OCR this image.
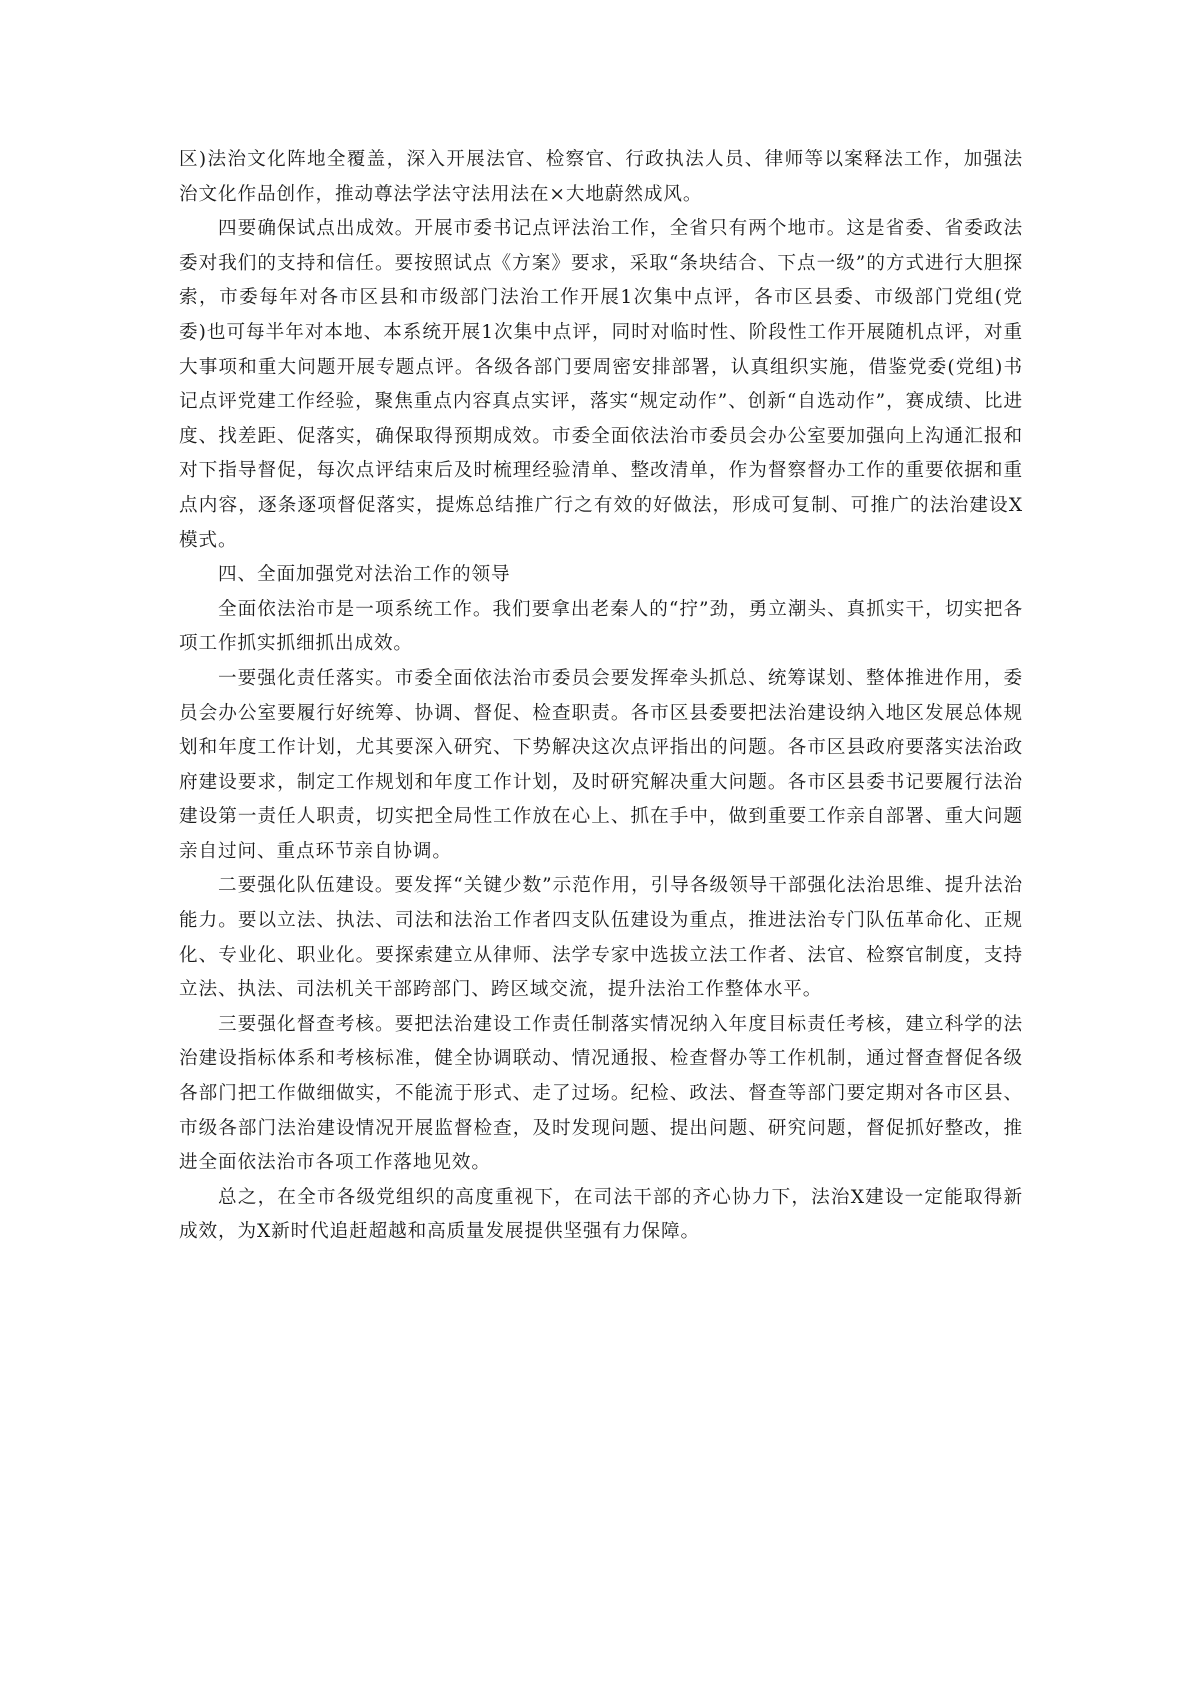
区)法治文化阵地全覆盖，深入开展法官、检察官、行政执法人员、律师等以案释法工作，加强法治文化作品创作，推动尊法学法守法用法在×大地蔚然成风。

四要确保试点出成效。开展市委书记点评法治工作，全省只有两个地市。这是省委、省委政法委对我们的支持和信任。要按照试点《方案》要求，采取“条块结合、下点一级”的方式进行大胆探索，市委每年对各市区县和市级部门法治工作开展1次集中点评，各市区县委、市级部门党组(党委)也可每半年对本地、本系统开展1次集中点评，同时对临时性、阶段性工作开展随机点评，对重大事项和重大问题开展专题点评。各级各部门要周密安排部署，认真组织实施，借鉴党委(党组)书记点评党建工作经验，聚焦重点内容真点实评，落实“规定动作”、创新“自选动作”，赛成绩、比进度、找差距、促落实，确保取得预期成效。市委全面依法治市委员会办公室要加强向上沟通汇报和对下指导督促，每次点评结束后及时梳理经验清单、整改清单，作为督察督办工作的重要依据和重点内容，逐条逐项督促落实，提炼总结推广行之有效的好做法，形成可复制、可推广的法治建设X模式。

四、全面加强党对法治工作的领导

全面依法治市是一项系统工作。我们要拿出老秦人的“拧”劲，勇立潮头、真抓实干，切实把各项工作抓实抓细抓出成效。

一要强化责任落实。市委全面依法治市委员会要发挥牵头抓总、统筹谋划、整体推进作用，委员会办公室要履行好统筹、协调、督促、检查职责。各市区县委要把法治建设纳入地区发展总体规划和年度工作计划，尤其要深入研究、下势解决这次点评指出的问题。各市区县政府要落实法治政府建设要求，制定工作规划和年度工作计划，及时研究解决重大问题。各市区县委书记要履行法治建设第一责任人职责，切实把全局性工作放在心上、抓在手中，做到重要工作亲自部署、重大问题亲自过问、重点环节亲自协调。

二要强化队伍建设。要发挥“关键少数”示范作用，引导各级领导干部强化法治思维、提升法治能力。要以立法、执法、司法和法治工作者四支队伍建设为重点，推进法治专门队伍革命化、正规化、专业化、职业化。要探索建立从律师、法学专家中选拔立法工作者、法官、检察官制度，支持立法、执法、司法机关干部跨部门、跨区域交流，提升法治工作整体水平。

三要强化督查考核。要把法治建设工作责任制落实情况纳入年度目标责任考核，建立科学的法治建设指标体系和考核标准，健全协调联动、情况通报、检查督办等工作机制，通过督查督促各级各部门把工作做细做实，不能流于形式、走了过场。纪检、政法、督查等部门要定期对各市区县、市级各部门法治建设情况开展监督检查，及时发现问题、提出问题、研究问题，督促抓好整改，推进全面依法治市各项工作落地见效。

总之，在全市各级党组织的高度重视下，在司法干部的齐心协力下，法治X建设一定能取得新成效，为X新时代追赶超越和高质量发展提供坚强有力保障。
